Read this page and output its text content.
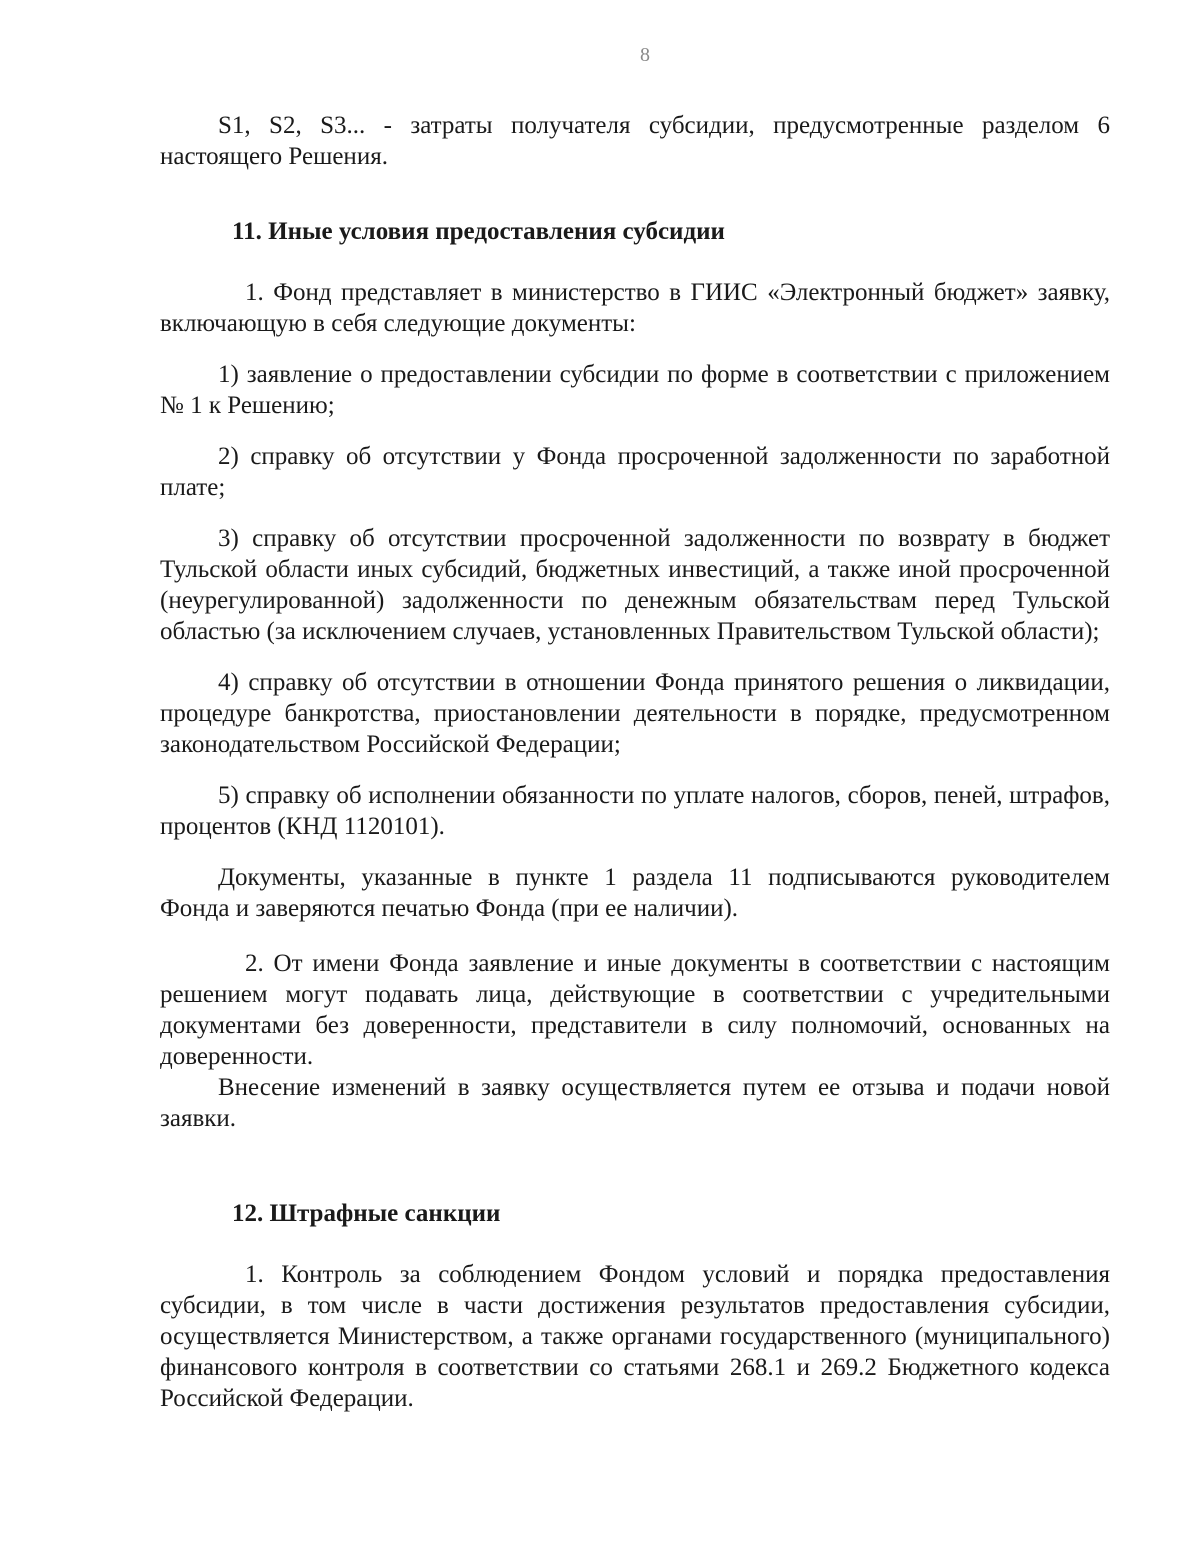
8

S1, S2, S3... - затраты получателя субсидии, предусмотренные разделом 6 настоящего Решения.

11. Иные условия предоставления субсидии

1. Фонд представляет в министерство в ГИИС «Электронный бюджет» заявку, включающую в себя следующие документы:

1) заявление о предоставлении субсидии по форме в соответствии с приложением № 1 к Решению;

2) справку об отсутствии у Фонда просроченной задолженности по заработной плате;

3) справку об отсутствии просроченной задолженности по возврату в бюджет Тульской области иных субсидий, бюджетных инвестиций, а также иной просроченной (неурегулированной) задолженности по денежным обязательствам перед Тульской областью (за исключением случаев, установленных Правительством Тульской области);

4) справку об отсутствии в отношении Фонда принятого решения о ликвидации, процедуре банкротства, приостановлении деятельности в порядке, предусмотренном законодательством Российской Федерации;

5) справку об исполнении обязанности по уплате налогов, сборов, пеней, штрафов, процентов (КНД 1120101).

Документы, указанные в пункте 1 раздела 11 подписываются руководителем Фонда и заверяются печатью Фонда (при ее наличии).

2. От имени Фонда заявление и иные документы в соответствии с настоящим решением могут подавать лица, действующие в соответствии с учредительными документами без доверенности, представители в силу полномочий, основанных на доверенности.

Внесение изменений в заявку осуществляется путем ее отзыва и подачи новой заявки.

12. Штрафные санкции

1. Контроль за соблюдением Фондом условий и порядка предоставления субсидии, в том числе в части достижения результатов предоставления субсидии, осуществляется Министерством, а также органами государственного (муниципального) финансового контроля в соответствии со статьями 268.1 и 269.2 Бюджетного кодекса Российской Федерации.
